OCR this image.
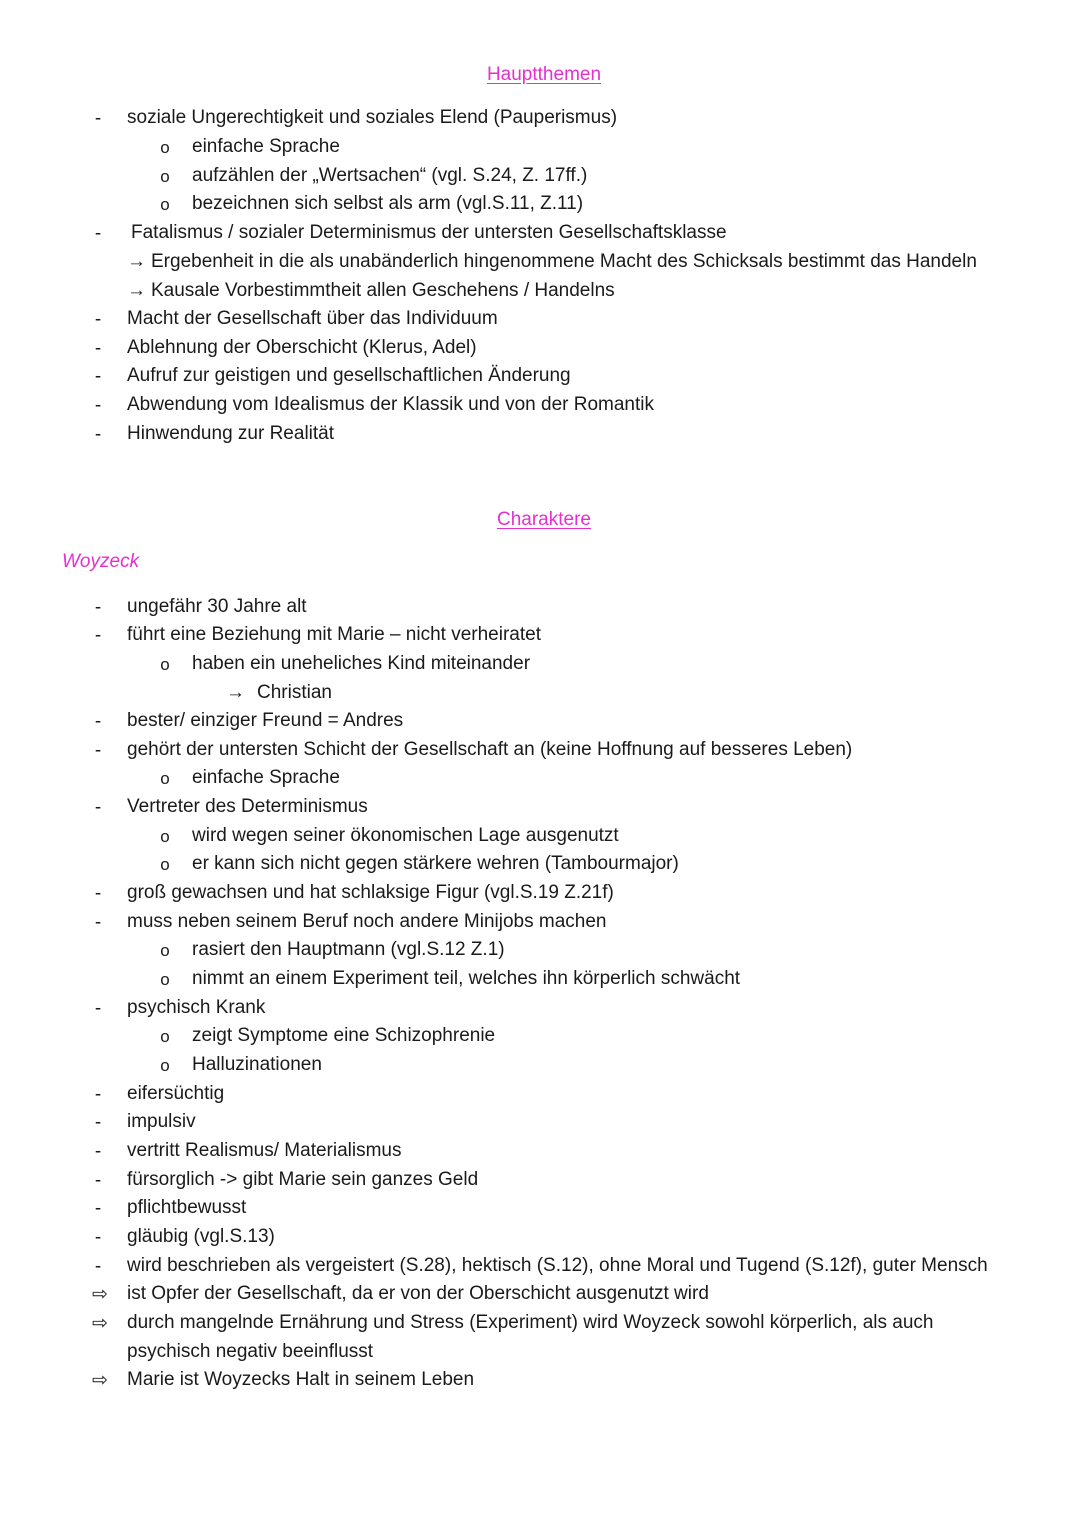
Hauptthemen
-	soziale Ungerechtigkeit und soziales Elend (Pauperismus)
o einfache Sprache
o aufzählen der „Wertsachen“ (vgl. S.24, Z. 17ff.)
o bezeichnen sich selbst als arm (vgl.S.11, Z.11)
-	Fatalismus / sozialer Determinismus der untersten Gesellschaftsklasse
→ Ergebenheit in die als unabänderlich hingenommene Macht des Schicksals bestimmt das Handeln
→ Kausale Vorbestimmtheit allen Geschehens / Handelns
-	Macht der Gesellschaft über das Individuum
-	Ablehnung der Oberschicht (Klerus, Adel)
-	Aufruf zur geistigen und gesellschaftlichen Änderung
-	Abwendung vom Idealismus der Klassik und von der Romantik
-	Hinwendung zur Realität
Charaktere
Woyzeck
-	ungefähr 30 Jahre alt
-	führt eine Beziehung mit Marie – nicht verheiratet
o haben ein uneheliches Kind miteinander
→ Christian
-	bester/ einziger Freund = Andres
-	gehört der untersten Schicht der Gesellschaft an (keine Hoffnung auf besseres Leben)
o einfache Sprache
-	Vertreter des Determinismus
o wird wegen seiner ökonomischen Lage ausgenutzt
o er kann sich nicht gegen stärkere wehren (Tambourmajor)
-	groß gewachsen und hat schlaksige Figur (vgl.S.19 Z.21f)
-	muss neben seinem Beruf noch andere Minijobs machen
o rasiert den Hauptmann (vgl.S.12 Z.1)
o nimmt an einem Experiment teil, welches ihn körperlich schwächt
-	psychisch Krank
o zeigt Symptome eine Schizophrenie
o Halluzinationen
-	eifersüchtig
-	impulsiv
-	vertritt Realismus/ Materialismus
-	fürsorglich -> gibt Marie sein ganzes Geld
-	pflichtbewusst
-	gläubig (vgl.S.13)
-	wird beschrieben als vergeistert (S.28), hektisch (S.12), ohne Moral und Tugend (S.12f), guter Mensch
⇨ ist Opfer der Gesellschaft, da er von der Oberschicht ausgenutzt wird
⇨ durch mangelnde Ernährung und Stress (Experiment) wird Woyzeck sowohl körperlich, als auch
psychisch negativ beeinflusst
⇨ Marie ist Woyzecks Halt in seinem Leben
